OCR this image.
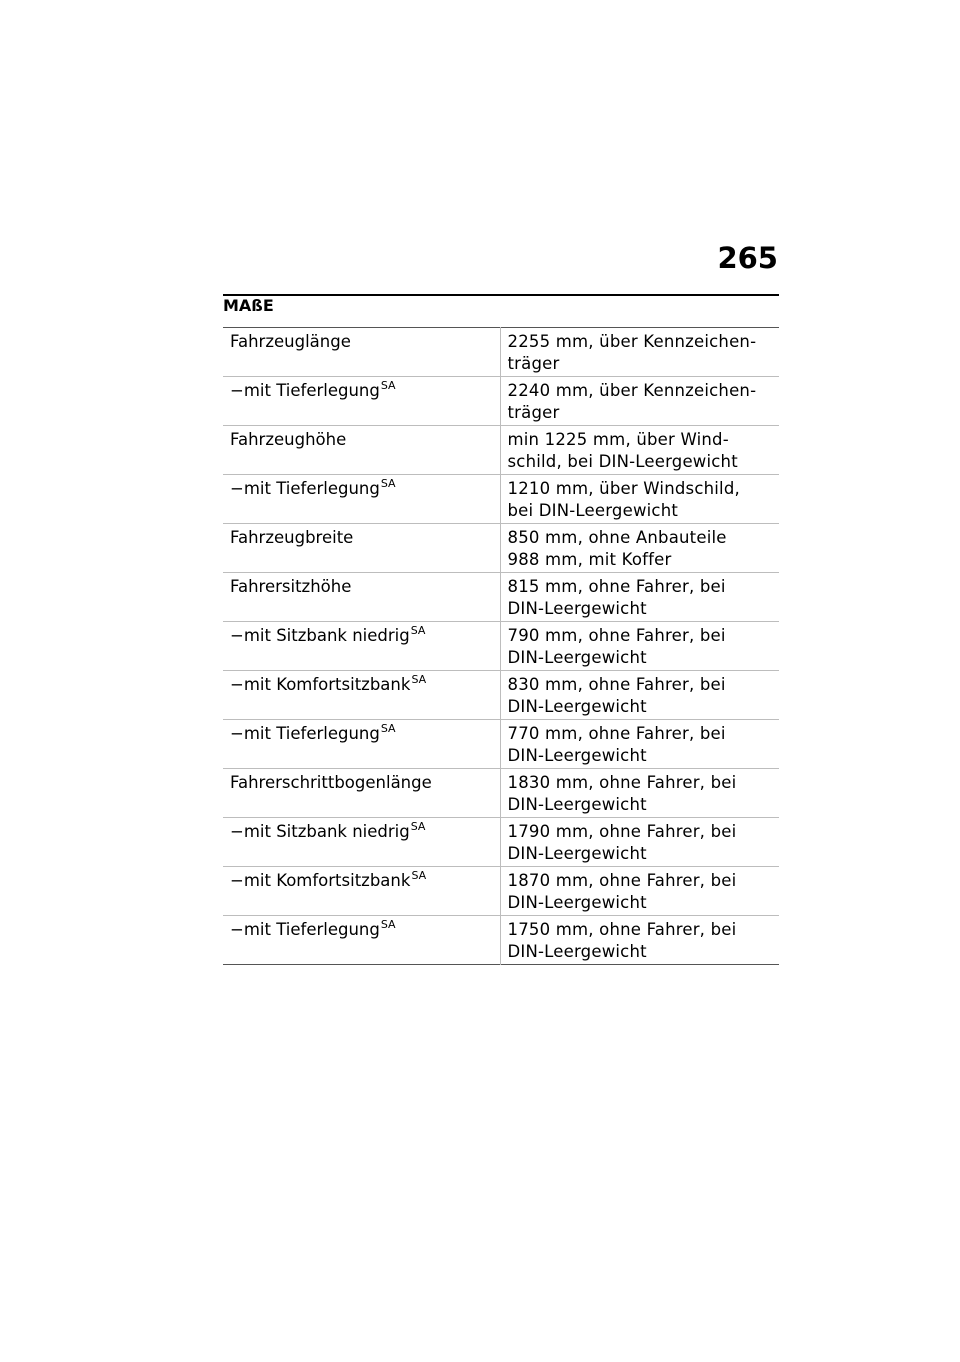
265
MAßE
Fahrzeuglänge	2255 mm, über Kennzeichen-
träger

−mit Tieferlegung$^{SA}$	2240 mm, über Kennzeichen-
träger

Fahrzeughöhe	min 1225 mm, über Wind-
schild, bei DIN-Leergewicht

−mit Tieferlegung$^{SA}$	1210 mm, über Windschild,
bei DIN-Leergewicht

Fahrzeugbreite	850 mm, ohne Anbauteile
988 mm, mit Koffer

Fahrersitzhöhe	815 mm, ohne Fahrer, bei
DIN-Leergewicht

−mit Sitzbank niedrig$^{SA}$	790 mm, ohne Fahrer, bei
DIN-Leergewicht

−mit Komfortsitzbank$^{SA}$	830 mm, ohne Fahrer, bei
DIN-Leergewicht

−mit Tieferlegung$^{SA}$	770 mm, ohne Fahrer, bei
DIN-Leergewicht

Fahrerschrittbogenlänge	1830 mm, ohne Fahrer, bei
DIN-Leergewicht

−mit Sitzbank niedrig$^{SA}$	1790 mm, ohne Fahrer, bei
DIN-Leergewicht

−mit Komfortsitzbank$^{SA}$	1870 mm, ohne Fahrer, bei
DIN-Leergewicht

−mit Tieferlegung$^{SA}$	1750 mm, ohne Fahrer, bei
DIN-Leergewicht
